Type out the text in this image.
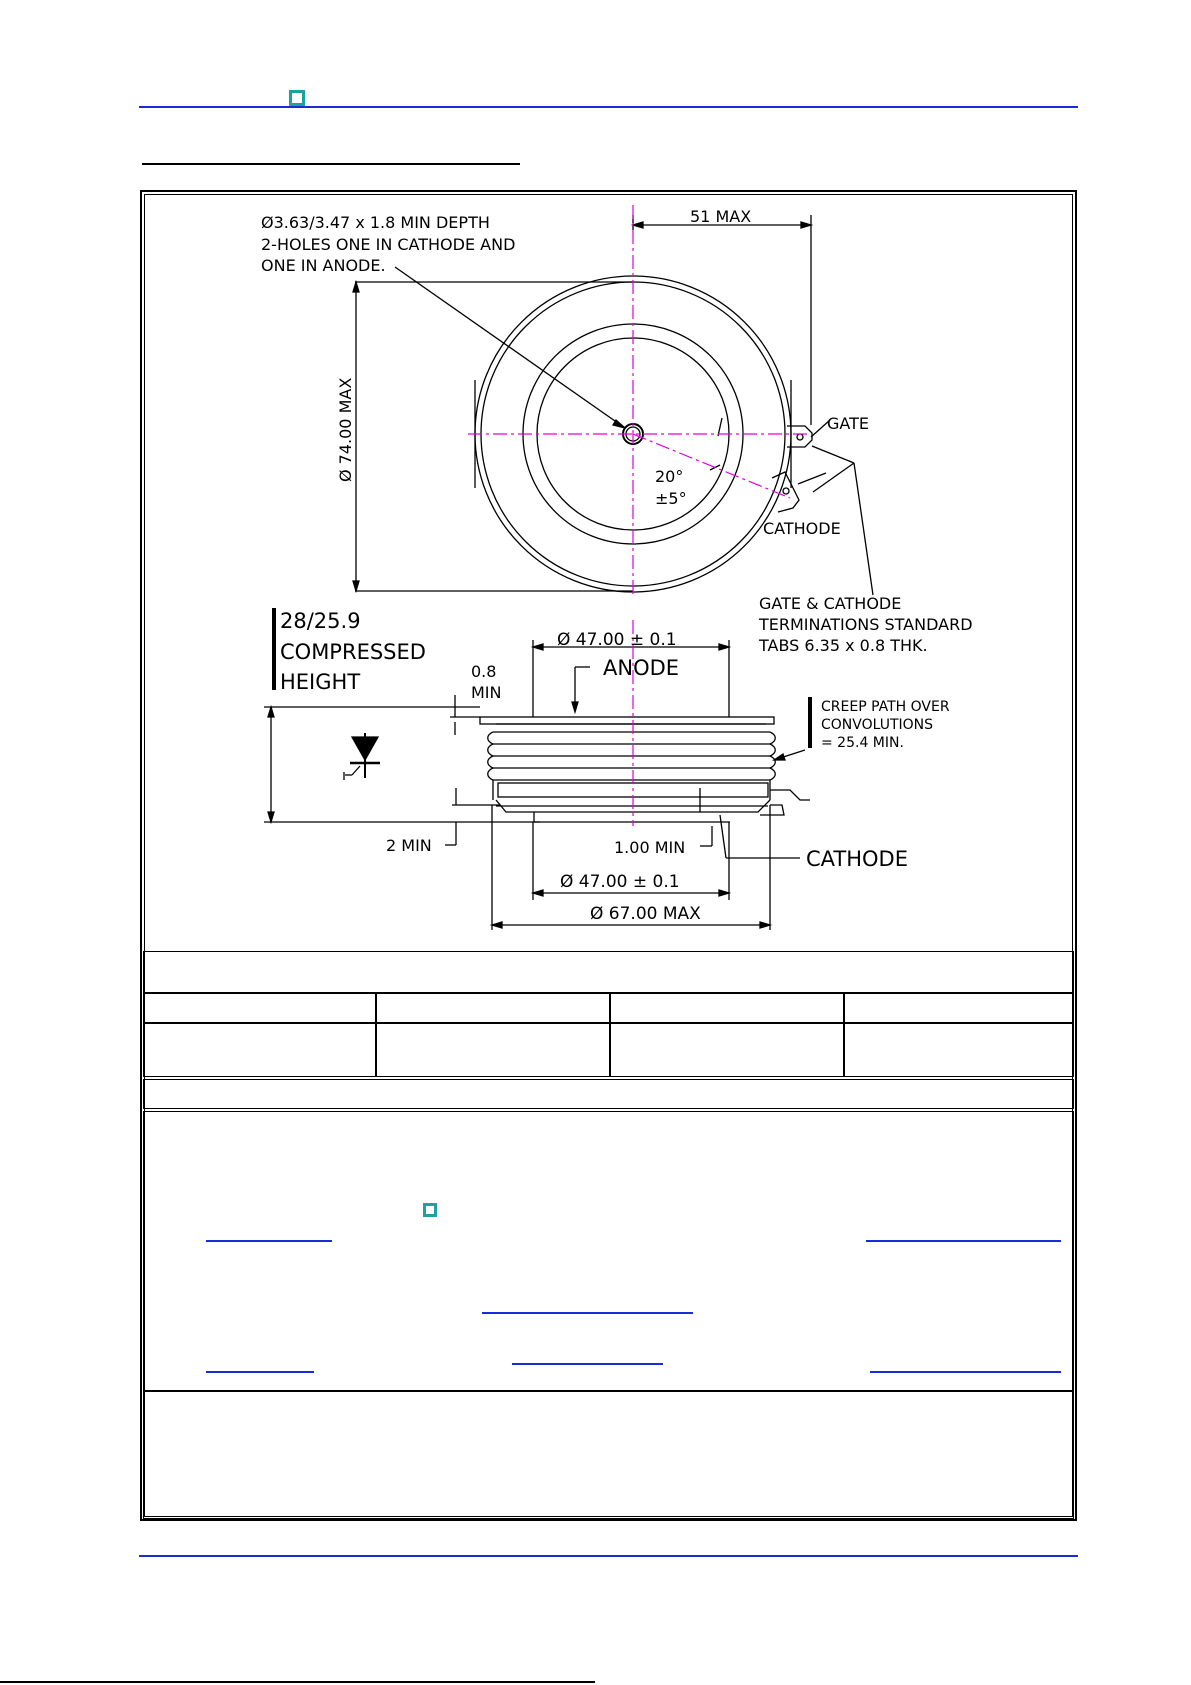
Ø3.63/3.47 x 1.8 MIN DEPTH
2-HOLES ONE IN CATHODE AND
ONE IN ANODE.
51 MAX
Ø 74.00 MAX	GATE
20°
±5°
CATHODE
GATE & CATHODE
TERMINATIONS STANDARD
TABS 6.35 x 0.8 THK.
28/25.9
COMPRESSED
HEIGHT
Ø 47.00 ± 0.1
ANODE
0.8
MIN
CREEP PATH OVER
CONVOLUTIONS
= 25.4 MIN.
2 MIN	1.00 MIN	CATHODE
Ø 47.00 ± 0.1
Ø 67.00 MAX
